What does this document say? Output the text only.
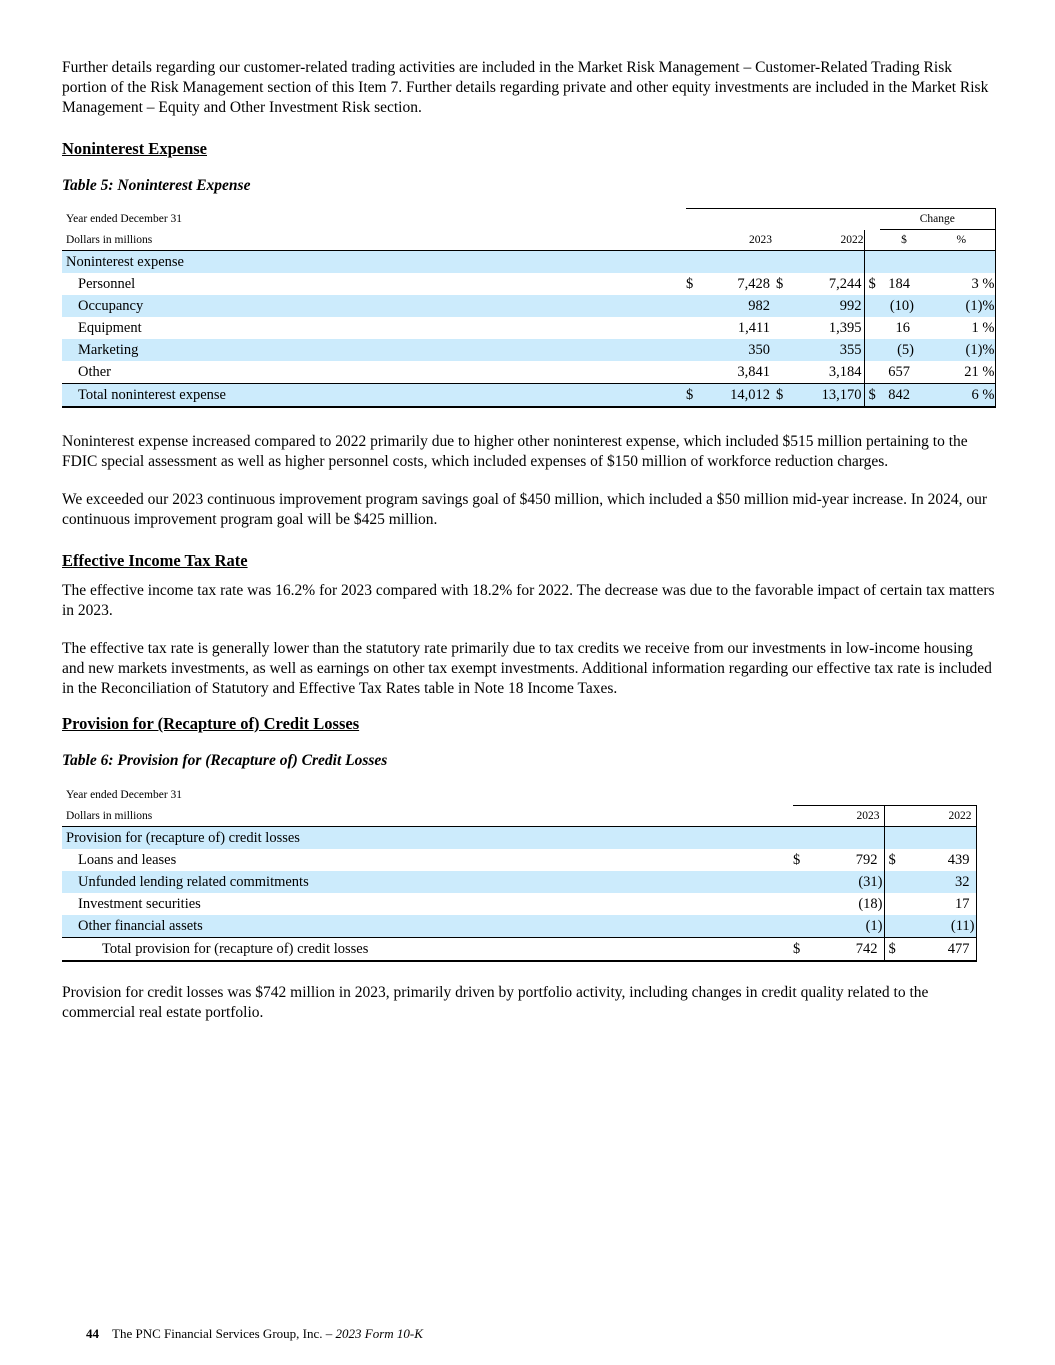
Further details regarding our customer-related trading activities are included in the Market Risk Management – Customer-Related Trading Risk portion of the Risk Management section of this Item 7. Further details regarding private and other equity investments are included in the Market Risk Management – Equity and Other Investment Risk section.

Noninterest Expense
Table 5: Noninterest Expense
Year ended December 31						Change	
Dollars in millions		2023		2022		$	%
Noninterest expense							
Personnel	$	7,428	$	7,244	$	184	3 %
Occupancy		982		992		(10)	(1)%
Equipment		1,411		1,395		16	1 %
Marketing		350		355		(5)	(1)%
Other		3,841		3,184		657	21 %
Total noninterest expense	$	14,012	$	13,170	$	842	6 %

Noninterest expense increased compared to 2022 primarily due to higher other noninterest expense, which included $515 million pertaining to the FDIC special assessment as well as higher personnel costs, which included expenses of $150 million of workforce reduction charges.

We exceeded our 2023 continuous improvement program savings goal of $450 million, which included a $50 million mid-year increase. In 2024, our continuous improvement program goal will be $425 million.

Effective Income Tax Rate

The effective income tax rate was 16.2% for 2023 compared with 18.2% for 2022. The decrease was due to the favorable impact of certain tax matters in 2023.

The effective tax rate is generally lower than the statutory rate primarily due to tax credits we receive from our investments in low-income housing and new markets investments, as well as earnings on other tax exempt investments. Additional information regarding our effective tax rate is included in the Reconciliation of Statutory and Effective Tax Rates table in Note 18 Income Taxes.

Provision for (Recapture of) Credit Losses
Table 6: Provision for (Recapture of) Credit Losses
Year ended December 31				
Dollars in millions		2023		2022
Provision for (recapture of) credit losses				
Loans and leases	$	792	$	439
Unfunded lending related commitments		(31)		32
Investment securities		(18)		17
Other financial assets		(1)		(11)
Total provision for (recapture of) credit losses	$	742	$	477

Provision for credit losses was $742 million in 2023, primarily driven by portfolio activity, including changes in credit quality related to the commercial real estate portfolio.

44 The PNC Financial Services Group, Inc. – 2023 Form 10-K
